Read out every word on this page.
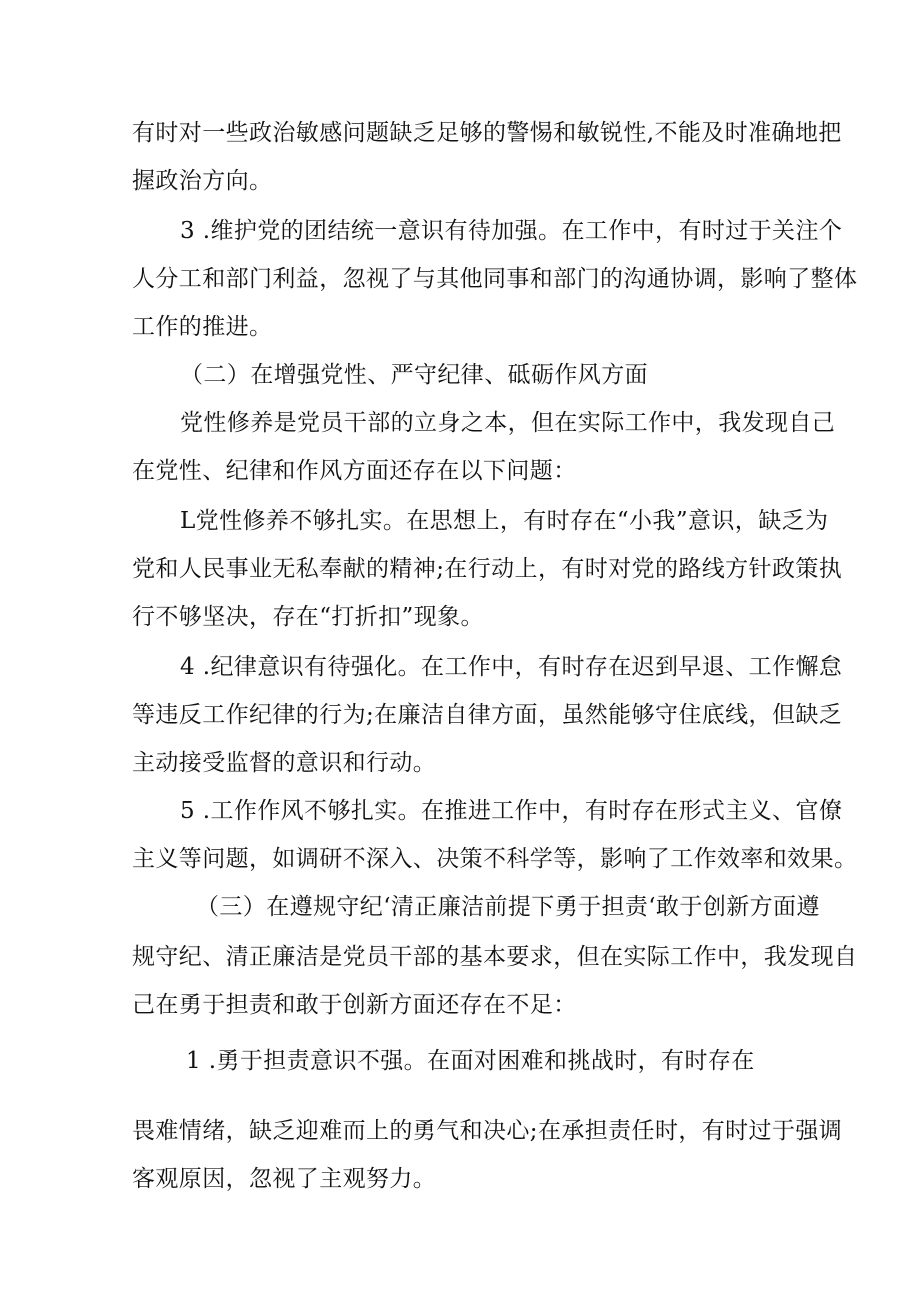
有时对一些政治敏感问题缺乏足够的警惕和敏锐性,不能及时准确地把

握政治方向。

3 .维护党的团结统一意识有待加强。在工作中，有时过于关注个

人分工和部门利益，忽视了与其他同事和部门的沟通协调，影响了整体

工作的推进。

（二）在增强党性、严守纪律、砥砺作风方面

党性修养是党员干部的立身之本，但在实际工作中，我发现自己

在党性、纪律和作风方面还存在以下问题：

L党性修养不够扎实。在思想上，有时存在“小我”意识，缺乏为

党和人民事业无私奉献的精神;在行动上，有时对党的路线方针政策执

行不够坚决，存在“打折扣”现象。

4 .纪律意识有待强化。在工作中，有时存在迟到早退、工作懈怠

等违反工作纪律的行为;在廉洁自律方面，虽然能够守住底线，但缺乏

主动接受监督的意识和行动。

5 .工作作风不够扎实。在推进工作中，有时存在形式主义、官僚

主义等问题，如调研不深入、决策不科学等，影响了工作效率和效果。

（三）在遵规守纪‘清正廉洁前提下勇于担责‘敢于创新方面遵

规守纪、清正廉洁是党员干部的基本要求，但在实际工作中，我发现自

己在勇于担责和敢于创新方面还存在不足：

1 .勇于担责意识不强。在面对困难和挑战时，有时存在

畏难情绪，缺乏迎难而上的勇气和决心;在承担责任时，有时过于强调

客观原因，忽视了主观努力。
